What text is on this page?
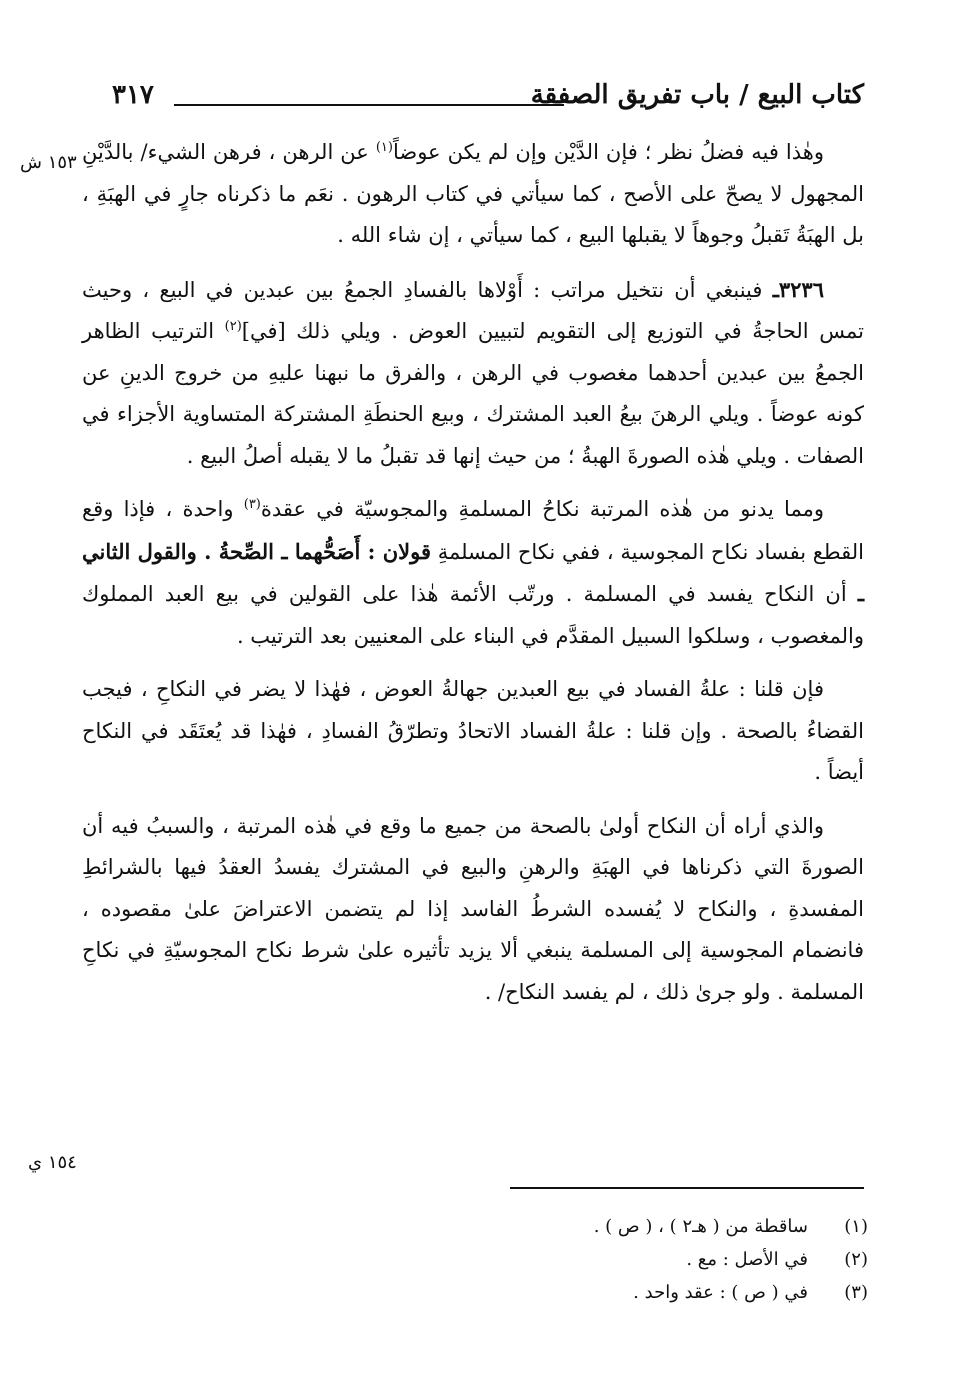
كتاب البيع / باب تفريق الصفقة
٣١٧
١٥٣ ش
١٥٤ ي

وهٰذا فيه فضلُ نظر ؛ فإن الدَّيْن وإن لم يكن عوضاً$^{(١)}$ عن الرهن ، فرهن الشيء/ بالدَّيْنِ المجهول لا يصحّ على الأصح ، كما سيأتي في كتاب الرهون . نعَم ما ذكرناه جارٍ في الهبَةِ ، بل الهبَةُ تَقبلُ وجوهاً لا يقبلها البيع ، كما سيأتي ، إن شاء الله .

٣٢٣٦ـ فينبغي أن نتخيل مراتب : أَوْلاها بالفسادِ الجمعُ بين عبدين في البيع ، وحيث تمس الحاجةُ في التوزيع إلى التقويم لتبيين العوض . ويلي ذلك [في]$^{(٢)}$ الترتيب الظاهر الجمعُ بين عبدين أحدهما مغصوب في الرهن ، والفرق ما نبهنا عليهِ من خروج الدينِ عن كونه عوضاً . ويلي الرهنَ بيعُ العبد المشترك ، وبيع الحنطَةِ المشتركة المتساوية الأجزاء في الصفات . ويلي هٰذه الصورةَ الهبةُ ؛ من حيث إنها قد تقبلُ ما لا يقبله أصلُ البيع .

ومما يدنو من هٰذه المرتبة نكاحُ المسلمةِ والمجوسيّة في عقدة$^{(٣)}$ واحدة ، فإذا وقع القطع بفساد نكاح المجوسية ، ففي نكاح المسلمةِ قولان : أَصَحُّهما ـ الصِّحةُ . والقول الثاني ـ أن النكاح يفسد في المسلمة . ورتّب الأئمة هٰذا على القولين في بيع العبد المملوك والمغصوب ، وسلكوا السبيل المقدَّم في البناء على المعنيين بعد الترتيب .

فإن قلنا : علةُ الفساد في بيع العبدين جهالةُ العوض ، فهٰذا لا يضر في النكاحِ ، فيجب القضاءُ بالصحة . وإن قلنا : علةُ الفساد الاتحادُ وتطرّقُ الفسادِ ، فهٰذا قد يُعتَقَد في النكاح أيضاً .

والذي أراه أن النكاح أولىٰ بالصحة من جميع ما وقع في هٰذه المرتبة ، والسببُ فيه أن الصورةَ التي ذكرناها في الهبَةِ والرهنِ والبيع في المشترك يفسدُ العقدُ فيها بالشرائطِ المفسدةِ ، والنكاح لا يُفسده الشرطُ الفاسد إذا لم يتضمن الاعتراضَ علىٰ مقصوده ، فانضمام المجوسية إلى المسلمة ينبغي ألا يزيد تأثيره علىٰ شرط نكاح المجوسيّةِ في نكاحِ المسلمة . ولو جرىٰ ذلك ، لم يفسد النكاح/ .

(١)
ساقطة من ( هـ٢ ) ، ( ص ) .
(٢)
في الأصل : مع .
(٣)
في ( ص ) : عقد واحد .
